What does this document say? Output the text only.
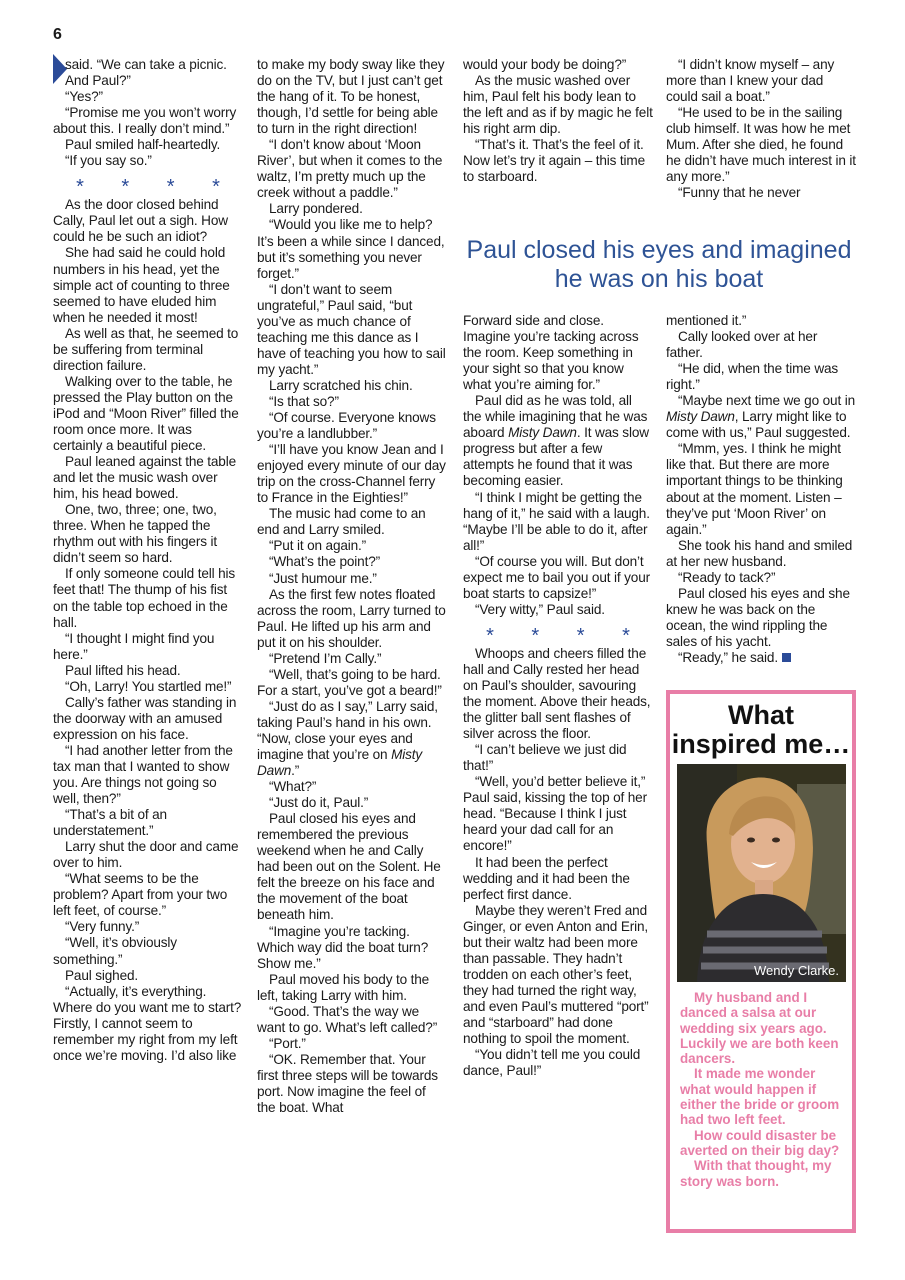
6

said. “We can take a picnic. And Paul?”

“Yes?”

“Promise me you won’t worry about this. I really don’t mind.”

Paul smiled half-heartedly.

“If you say so.”

* * * *

As the door closed behind Cally, Paul let out a sigh. How could he be such an idiot?

She had said he could hold numbers in his head, yet the simple act of counting to three seemed to have eluded him when he needed it most!

As well as that, he seemed to be suffering from terminal direction failure.

Walking over to the table, he pressed the Play button on the iPod and “Moon River” filled the room once more. It was certainly a beautiful piece.

Paul leaned against the table and let the music wash over him, his head bowed.

One, two, three; one, two, three. When he tapped the rhythm out with his fingers it didn’t seem so hard.

If only someone could tell his feet that! The thump of his fist on the table top echoed in the hall.

“I thought I might find you here.”

Paul lifted his head.

“Oh, Larry! You startled me!”

Cally’s father was standing in the doorway with an amused expression on his face.

“I had another letter from the tax man that I wanted to show you. Are things not going so well, then?”

“That’s a bit of an understatement.”

Larry shut the door and came over to him.

“What seems to be the problem? Apart from your two left feet, of course.”

“Very funny.”

“Well, it’s obviously something.”

Paul sighed.

“Actually, it’s everything. Where do you want me to start? Firstly, I cannot seem to remember my right from my left once we’re moving. I’d also like

to make my body sway like they do on the TV, but I just can’t get the hang of it. To be honest, though, I’d settle for being able to turn in the right direction!

“I don’t know about ‘Moon River’, but when it comes to the waltz, I’m pretty much up the creek without a paddle.”

Larry pondered.

“Would you like me to help? It’s been a while since I danced, but it’s something you never forget.”

“I don’t want to seem ungrateful,” Paul said, “but you’ve as much chance of teaching me this dance as I have of teaching you how to sail my yacht.”

Larry scratched his chin.

“Is that so?”

“Of course. Everyone knows you’re a landlubber.”

“I’ll have you know Jean and I enjoyed every minute of our day trip on the cross-Channel ferry to France in the Eighties!”

The music had come to an end and Larry smiled.

“Put it on again.”

“What’s the point?”

“Just humour me.”

As the first few notes floated across the room, Larry turned to Paul. He lifted up his arm and put it on his shoulder.

“Pretend I’m Cally.”

“Well, that’s going to be hard. For a start, you’ve got a beard!”

“Just do as I say,” Larry said, taking Paul’s hand in his own. “Now, close your eyes and imagine that you’re on Misty Dawn.”

“What?”

“Just do it, Paul.”

Paul closed his eyes and remembered the previous weekend when he and Cally had been out on the Solent. He felt the breeze on his face and the movement of the boat beneath him.

“Imagine you’re tacking. Which way did the boat turn? Show me.”

Paul moved his body to the left, taking Larry with him.

“Good. That’s the way we want to go. What’s left called?”

“Port.”

“OK. Remember that. Your first three steps will be towards port. Now imagine the feel of the boat. What

would your body be doing?”

As the music washed over him, Paul felt his body lean to the left and as if by magic he felt his right arm dip.

“That’s it. That’s the feel of it. Now let’s try it again – this time to starboard.

“I didn’t know myself – any more than I knew your dad could sail a boat.”

“He used to be in the sailing club himself. It was how he met Mum. After she died, he found he didn’t have much interest in it any more.”

“Funny that he never

Paul closed his eyes and imagined he was on his boat

Forward side and close. Imagine you’re tacking across the room. Keep something in your sight so that you know what you’re aiming for.”

Paul did as he was told, all the while imagining that he was aboard Misty Dawn. It was slow progress but after a few attempts he found that it was becoming easier.

“I think I might be getting the hang of it,” he said with a laugh. “Maybe I’ll be able to do it, after all!”

“Of course you will. But don’t expect me to bail you out if your boat starts to capsize!”

“Very witty,” Paul said.

* * * *

Whoops and cheers filled the hall and Cally rested her head on Paul’s shoulder, savouring the moment. Above their heads, the glitter ball sent flashes of silver across the floor.

“I can’t believe we just did that!”

“Well, you’d better believe it,” Paul said, kissing the top of her head. “Because I think I just heard your dad call for an encore!”

It had been the perfect wedding and it had been the perfect first dance.

Maybe they weren’t Fred and Ginger, or even Anton and Erin, but their waltz had been more than passable. They hadn’t trodden on each other’s feet, they had turned the right way, and even Paul’s muttered “port” and “starboard” had done nothing to spoil the moment.

“You didn’t tell me you could dance, Paul!”

mentioned it.”

Cally looked over at her father.

“He did, when the time was right.”

“Maybe next time we go out in Misty Dawn, Larry might like to come with us,” Paul suggested.

“Mmm, yes. I think he might like that. But there are more important things to be thinking about at the moment. Listen – they’ve put ‘Moon River’ on again.”

She took his hand and smiled at her new husband.

“Ready to tack?”

Paul closed his eyes and she knew he was back on the ocean, the wind rippling the sales of his yacht.

“Ready,” he said.

What
inspired me…
Wendy Clarke.

My husband and I danced a salsa at our wedding six years ago. Luckily we are both keen dancers.

It made me wonder what would happen if either the bride or groom had two left feet.

How could disaster be averted on their big day?

With that thought, my story was born.
